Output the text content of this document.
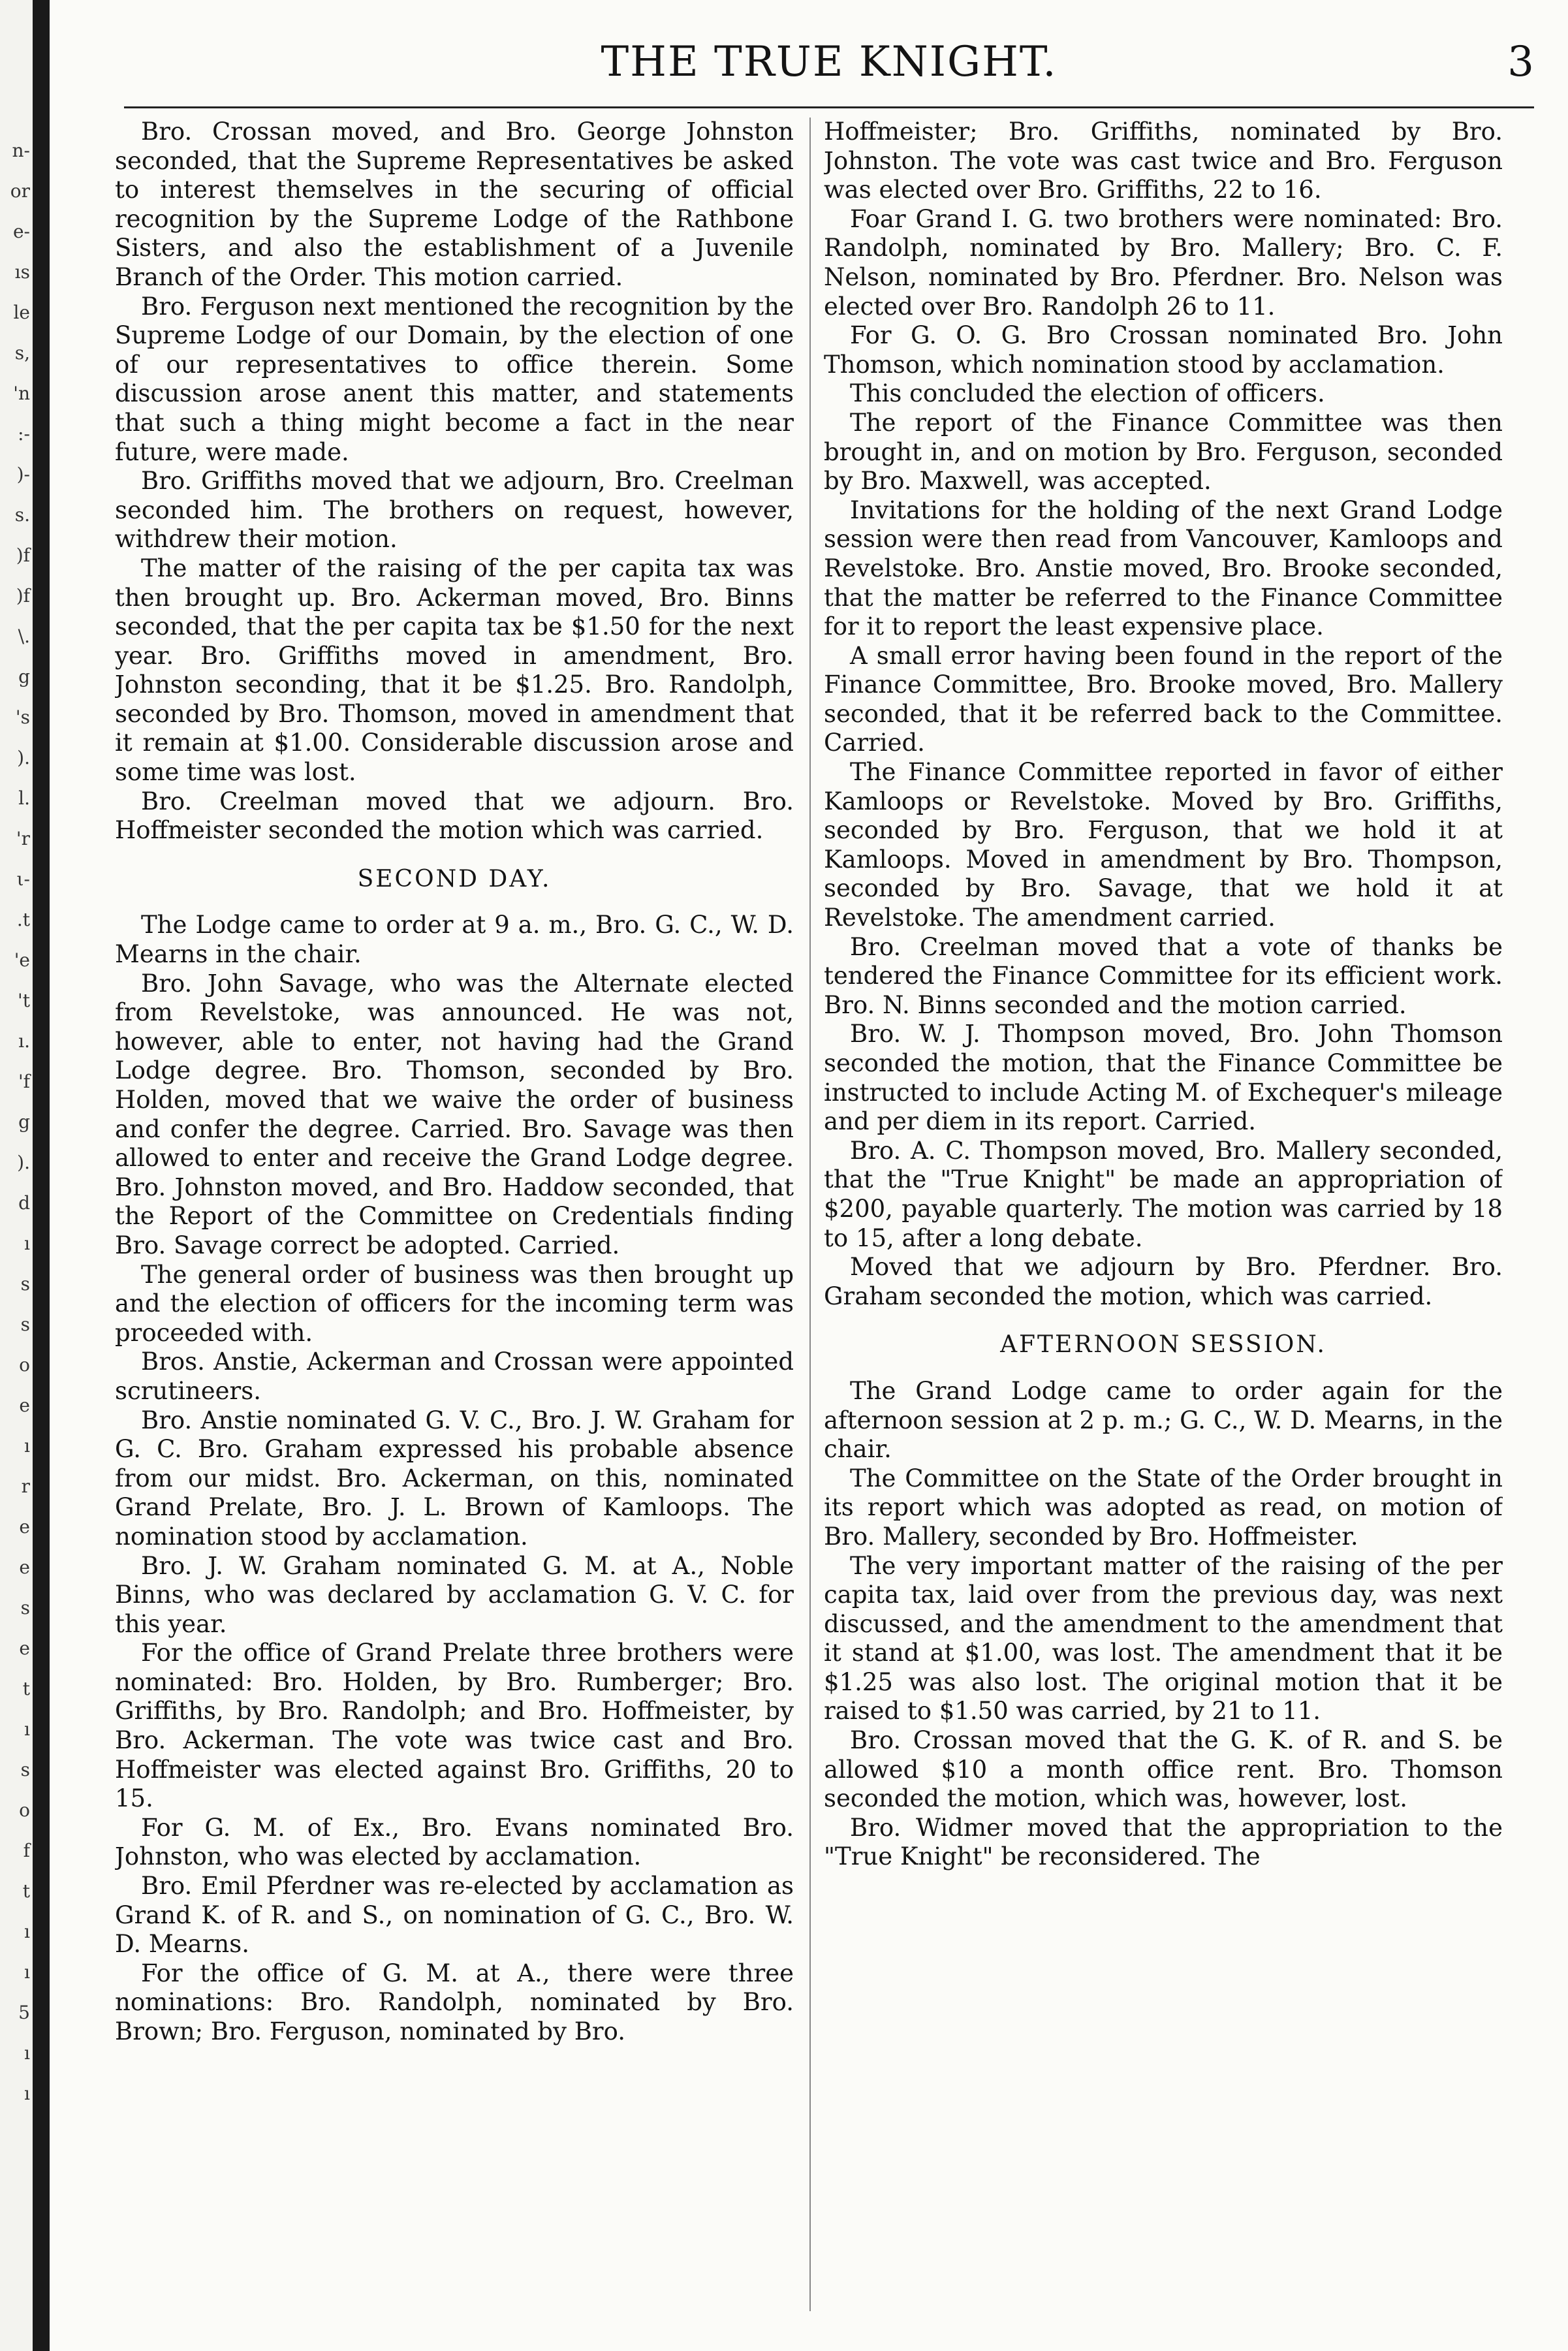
n-
or
e-
ıs
le
s,
'n
:-
)-
s.
)f
)f
\.
g
's
).
l.
'r
ι-
.t
'e
't
ı.
'f
g
).
d
ı
s
s
o
e
ı
r
e
e
s
e
t
ı
s
o
f
t
ı
ı
5
ı
ı
THE TRUE KNIGHT.	3

Bro. Crossan moved, and Bro. George Johnston seconded, that the Supreme Representatives be asked to interest themselves in the securing of official recognition by the Supreme Lodge of the Rathbone Sisters, and also the establishment of a Juvenile Branch of the Order. This motion carried.

Bro. Ferguson next mentioned the recognition by the Supreme Lodge of our Domain, by the election of one of our representatives to office therein. Some discussion arose anent this matter, and statements that such a thing might become a fact in the near future, were made.

Bro. Griffiths moved that we adjourn, Bro. Creelman seconded him. The brothers on request, however, withdrew their motion.

The matter of the raising of the per capita tax was then brought up. Bro. Ackerman moved, Bro. Binns seconded, that the per capita tax be $1.50 for the next year. Bro. Griffiths moved in amendment, Bro. Johnston seconding, that it be $1.25. Bro. Randolph, seconded by Bro. Thomson, moved in amendment that it remain at $1.00. Considerable discussion arose and some time was lost.

Bro. Creelman moved that we adjourn. Bro. Hoffmeister seconded the motion which was carried.

SECOND DAY.

The Lodge came to order at 9 a. m., Bro. G. C., W. D. Mearns in the chair.

Bro. John Savage, who was the Alternate elected from Revelstoke, was announced. He was not, however, able to enter, not having had the Grand Lodge degree. Bro. Thomson, seconded by Bro. Holden, moved that we waive the order of business and confer the degree. Carried. Bro. Savage was then allowed to enter and receive the Grand Lodge degree. Bro. Johnston moved, and Bro. Haddow seconded, that the Report of the Committee on Credentials finding Bro. Savage correct be adopted. Carried.

The general order of business was then brought up and the election of officers for the incoming term was proceeded with.

Bros. Anstie, Ackerman and Crossan were appointed scrutineers.

Bro. Anstie nominated G. V. C., Bro. J. W. Graham for G. C. Bro. Graham expressed his probable absence from our midst. Bro. Ackerman, on this, nominated Grand Prelate, Bro. J. L. Brown of Kamloops. The nomination stood by acclamation.

Bro. J. W. Graham nominated G. M. at A., Noble Binns, who was declared by acclamation G. V. C. for this year.

For the office of Grand Prelate three brothers were nominated: Bro. Holden, by Bro. Rumberger; Bro. Griffiths, by Bro. Randolph; and Bro. Hoffmeister, by Bro. Ackerman. The vote was twice cast and Bro. Hoffmeister was elected against Bro. Griffiths, 20 to 15.

For G. M. of Ex., Bro. Evans nominated Bro. Johnston, who was elected by acclamation.

Bro. Emil Pferdner was re-elected by acclamation as Grand K. of R. and S., on nomination of G. C., Bro. W. D. Mearns.

For the office of G. M. at A., there were three nominations: Bro. Randolph, nominated by Bro. Brown; Bro. Ferguson, nominated by Bro.

Hoffmeister; Bro. Griffiths, nominated by Bro. Johnston. The vote was cast twice and Bro. Ferguson was elected over Bro. Griffiths, 22 to 16.

Foar Grand I. G. two brothers were nominated: Bro. Randolph, nominated by Bro. Mallery; Bro. C. F. Nelson, nominated by Bro. Pferdner. Bro. Nelson was elected over Bro. Randolph 26 to 11.

For G. O. G. Bro Crossan nominated Bro. John Thomson, which nomination stood by acclamation.

This concluded the election of officers.

The report of the Finance Committee was then brought in, and on motion by Bro. Ferguson, seconded by Bro. Maxwell, was accepted.

Invitations for the holding of the next Grand Lodge session were then read from Vancouver, Kamloops and Revelstoke. Bro. Anstie moved, Bro. Brooke seconded, that the matter be referred to the Finance Committee for it to report the least expensive place.

A small error having been found in the report of the Finance Committee, Bro. Brooke moved, Bro. Mallery seconded, that it be referred back to the Committee. Carried.

The Finance Committee reported in favor of either Kamloops or Revelstoke. Moved by Bro. Griffiths, seconded by Bro. Ferguson, that we hold it at Kamloops. Moved in amendment by Bro. Thompson, seconded by Bro. Savage, that we hold it at Revelstoke. The amendment carried.

Bro. Creelman moved that a vote of thanks be tendered the Finance Committee for its efficient work. Bro. N. Binns seconded and the motion carried.

Bro. W. J. Thompson moved, Bro. John Thomson seconded the motion, that the Finance Committee be instructed to include Acting M. of Exchequer's mileage and per diem in its report. Carried.

Bro. A. C. Thompson moved, Bro. Mallery seconded, that the "True Knight" be made an appropriation of $200, payable quarterly. The motion was carried by 18 to 15, after a long debate.

Moved that we adjourn by Bro. Pferdner. Bro. Graham seconded the motion, which was carried.

AFTERNOON SESSION.

The Grand Lodge came to order again for the afternoon session at 2 p. m.; G. C., W. D. Mearns, in the chair.

The Committee on the State of the Order brought in its report which was adopted as read, on motion of Bro. Mallery, seconded by Bro. Hoffmeister.

The very important matter of the raising of the per capita tax, laid over from the previous day, was next discussed, and the amendment to the amendment that it stand at $1.00, was lost. The amendment that it be $1.25 was also lost. The original motion that it be raised to $1.50 was carried, by 21 to 11.

Bro. Crossan moved that the G. K. of R. and S. be allowed $10 a month office rent. Bro. Thomson seconded the motion, which was, however, lost.

Bro. Widmer moved that the appropriation to the "True Knight" be reconsidered. The
